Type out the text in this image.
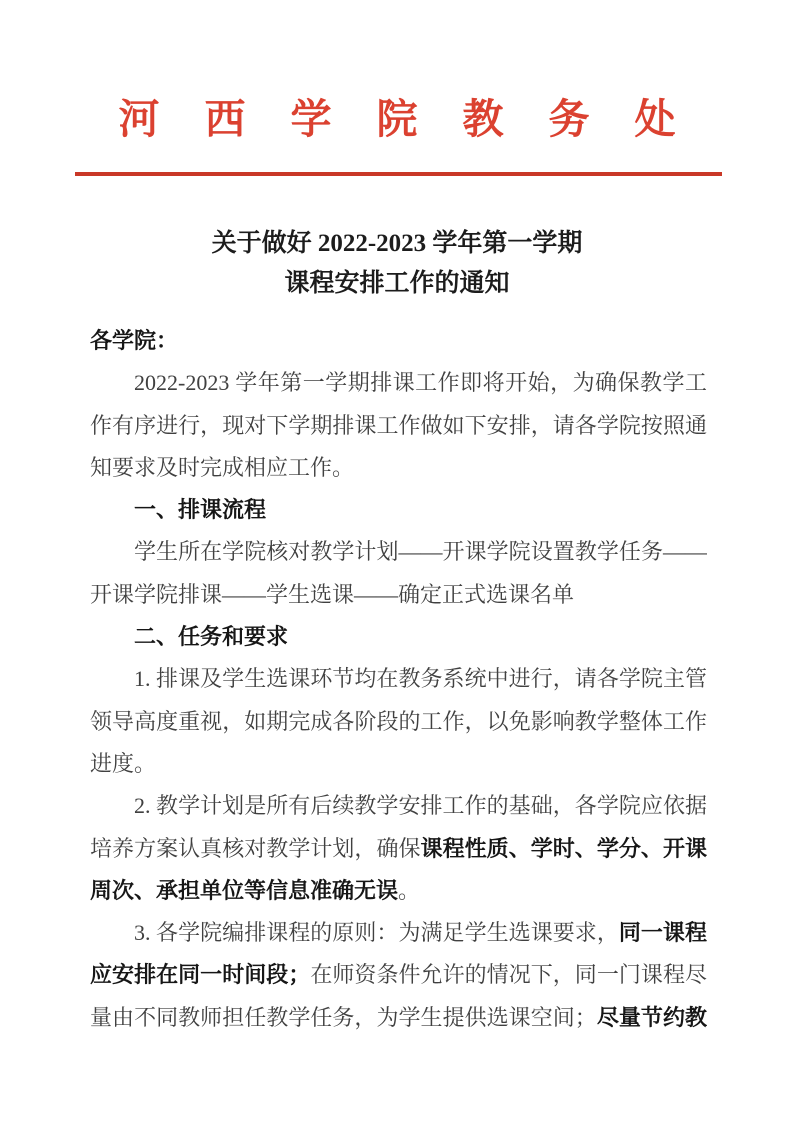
河西学院教务处
关于做好 2022-2023 学年第一学期
课程安排工作的通知
各学院：
2022-2023 学年第一学期排课工作即将开始，为确保教学工
作有序进行，现对下学期排课工作做如下安排，请各学院按照通
知要求及时完成相应工作。
一、排课流程
学生所在学院核对教学计划——开课学院设置教学任务——
开课学院排课——学生选课——确定正式选课名单
二、任务和要求
1. 排课及学生选课环节均在教务系统中进行，请各学院主管
领导高度重视，如期完成各阶段的工作，以免影响教学整体工作
进度。
2. 教学计划是所有后续教学安排工作的基础，各学院应依据
培养方案认真核对教学计划，确保课程性质、学时、学分、开课
周次、承担单位等信息准确无误。
3. 各学院编排课程的原则：为满足学生选课要求，同一课程
应安排在同一时间段；在师资条件允许的情况下，同一门课程尽
量由不同教师担任教学任务，为学生提供选课空间；尽量节约教
